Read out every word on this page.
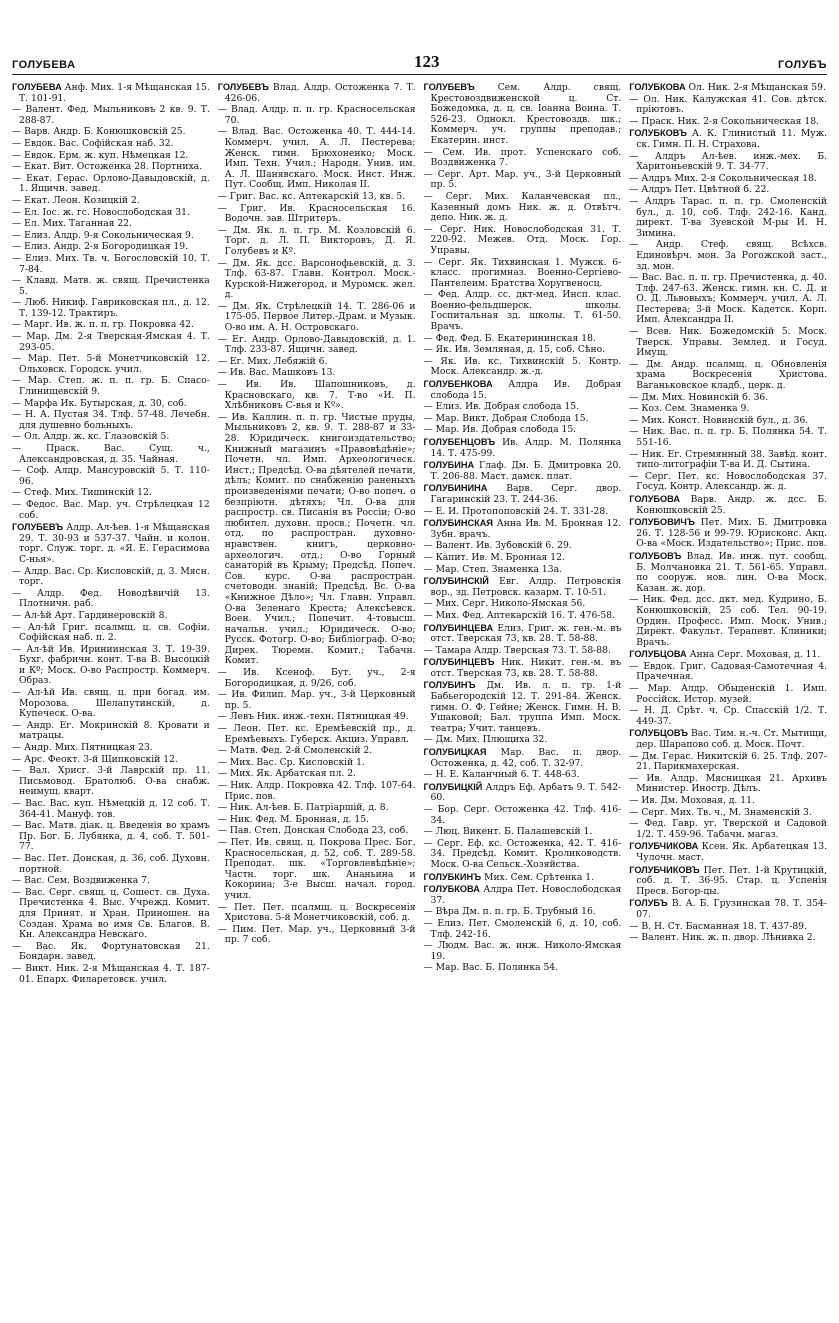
ГОЛУБЕВА	123	ГОЛУБЪ
ГОЛУБЕВА Анф. Мих. 1-я Мѣщанская 15. Т. 101-91.
— Валент. Фед. Мыльниковъ 2 кв. 9. Т. 288-87.
— Варв. Андр. Б. Конюшковскій 25.
— Евдок. Вас. Софійская наб. 32.
— Евдок. Ерм. ж. куп. Нѣмецкая 12.
— Екат. Вит. Остоженка 28. Портниха.
— Екат. Герас. Орлово-Давыдовскій, д. 1. Ящичн. завед.
— Екат. Леон. Козицкій 2.
— Ел. Іос. ж. гс. Новослободская 31.
— Ел. Мих. Таганная 22.
— Елиз. Алдр. 9-я Сокольническая 9.
— Елиз. Андр. 2-я Богородицкая 19.
— Елиз. Мих. Тв. ч. Богословскій 10. Т. 7-84.
— Клавд. Матв. ж. свящ. Пречистенка 5.
— Люб. Никиф. Гавриковская пл., д. 12. Т. 139-12. Трактиръ.
— Марг. Ив. ж. п. п. гр. Покровка 42.
— Мар. Дм. 2-я Тверская-Ямская 4. Т. 293-05.
— Мар. Пет. 5-й Монетчиковскій 12. Ольховск. Городск. учил.
— Мар. Степ. ж. п. п. гр. Б. Спасо-Глинищевскій 9.
— Марфа Ик. Бутырская, д. 30, соб.
— Н. А. Пустая 34. Тлф. 57-48. Лечебн. для душевно больныхъ.
— Ол. Алдр. ж. кс. Глазовскій 5.
— Праск. Вас. Сущ. ч., Александровская, д. 35. Чайная.
— Соф. Алдр. Мансуровскій 5. Т. 110-96.
— Стеф. Мих. Тишинскій 12.
— Федос. Вас. Мар. уч. Стрѣлецкая 12 соб.
ГОЛУБЕВЪ Алдр. Ал-ѣев. 1-я Мѣщанская 29. Т. 30-93 и 537-37. Чайн. и колон. торг. Служ. торг. д. «Я. Е. Герасимова С-нья».
— Алдр. Вас. Ср. Кисловскій, д. 3. Мясн. торг.
— Алдр. Фед. Новодѣвичій 13. Плотничн. раб.
— Ал-ѣй Арт. Гардинеровскій 8.
— Ал-ѣй Григ. псалмщ. ц. св. Софіи. Софійская наб. п. 2.
— Ал-ѣй Ив. Ириниинская 3. Т. 19-39. Бухг. фабричн. конт. Т-ва В. Высоцкій и Кº; Моск. О-во Распростр. Коммерч. Образ.
— Ал-ѣй Ив. свящ. ц. при богад. им. Морозова. Шелапутинскій, д. Купеческ. О-ва.
— Андр. Ег. Мокринскій 8. Кровати и матрацы.
— Андр. Мих. Пятницкая 23.
— Арс. Феокт. 3-й Щипковскій 12.
— Вал. Хрисг. 3-й Лаврскій пр. 11. Письмовод. Братолюб. О-ва снабж. неимущ. кварт.
— Вас. Вас. куп. Нѣмецкій д. 12 соб. Т. 364-41. Мануф. тов.
— Вас. Матв. діак. ц. Введенія во храмъ Пр. Бог. Б. Лубянка, д. 4, соб. Т. 501-77.
— Вас. Пет. Донская, д. 36, соб. Духовн. портной.
— Вас. Сем. Воздвиженка 7.
— Вас. Серг. свящ. ц. Сошест. св. Духа. Пречистенка 4. Выс. Учрежд. Комит. для Принят. и Хран. Приношен. на Создан. Храма во имя Св. Благов. В. Кн. Александра Невскаго.
— Вас. Як. Фортунатовская 21. Бондарн. завед.
— Викт. Ник. 2-я Мѣщанская 4. Т. 187-01. Епарх. Филаретовск. учил.
ГОЛУБЕВЪ Влад. Алдр. Остоженка 7. Т. 426-06.
— Влад. Алдр. п. п. гр. Красносельская 70.
— Влад. Вас. Остоженка 40. Т. 444-14. Коммерч. учил. А. Л. Пестерева; Женск. гимн. Брюхоненко; Моск. Имп. Техн. Учил.; Народн. Унив. им. А. Л. Шанявскаго. Моск. Инст. Инж. Пут. Сообщ. Имп. Николая II.
— Григ. Вас. кс. Аптекарскій 13, кв. 5.
— Григ. Ив. Красносельская 16. Водочн. зав. Штритеръ.
— Дм. Як. л. п. гр. М. Козловскій 6. Торг. д. Л. П. Викторовъ, Д. Я. Голубевъ и Кº.
— Дм. Як. дсс. Варсонофьевскій, д. 3. Тлф. 63-87. Главн. Контрол. Моск.-Курской-Нижегород. и Муромск. жел. д.
— Дм. Як. Стрѣлецкій 14. Т. 286-06 и 175-05. Первое Литер.-Драм. и Музык. О-во им. А. Н. Островскаго.
— Ег. Андр. Орлово-Давыдовскій, д. 1. Тлф. 233-87. Ящичн. завед.
— Ег. Мих. Лебяжій 6.
— Ив. Вас. Машковъ 13.
— Ив. Ив. Шапошниковъ, д. Красновскаго, кв. 7. Т-во «И. П. Хлѣбниковъ С-вья и Кº».
— Ив. Каллин. п. п. гр. Чистые пруды, Мыльниковъ 2, кв. 9. Т. 288-87 и 33-28. Юридическ. книгоиздательство; Книжный магазинъ «Правовѣдѣніе»; Почетн. чл. Имп. Археологическ. Инст.; Предсѣд. О-ва дѣятелей печати, дѣлъ; Комит. по снабженію раненыхъ произведеніями печати; О-во попеч. о безпріютн. дѣтяхъ; Чл. О-ва для распростр. св. Писанія въ Россіи; О-во любител. духовн. просв.; Почетн. чл. отд. по распростран. духовно-нравствен. книгъ, церковно-археологич. отд.; О-во Горный санаторій въ Крыму; Предсѣд. Попеч. Сов. курс. О-ва распростран. счетоводн. знаній; Предсѣд. Вс. О-ва «Книжное Дѣло»; Чл. Главн. Управл. О-ва Зеленаго Креста; Алексѣевск. Воен. Учил.; Попечит. 4-товысш. начальн. учил.; Юридическ. О-во; Русск. Фотогр. О-во; Библіограф. О-во; Дирек. Тюремн. Комит.; Табачн. Комит.
— Ив. Ксеноф. Бут. уч., 2-я Богородицкая, д. 9/26, соб.
— Ив. Филип. Мар. уч., 3-й Церковный пр. 5.
— Левъ Ник. инж.-техн. Пятницкая 49.
— Леон. Пет. кс. Еремѣевскій пр., д. Еремѣевыхъ. Губерск. Акциз. Управл.
— Матв. Фед. 2-й Смоленскій 2.
— Мих. Вас. Ср. Кисловскій 1.
— Мих. Як. Арбатская пл. 2.
— Ник. Алдр. Покровка 42. Тлф. 107-64. Прис. пов.
— Ник. Ал-ѣев. Б. Патріаршій, д. 8.
— Ник. Фед. М. Бронная, д. 15.
— Пав. Степ. Донская Слобода 23, соб.
— Пет. Ив. свящ. ц. Покрова Прес. Бог. Красносельская, д. 52, соб. Т. 289-58. Преподат. шк. «Торговлевѣдѣніе»; Частн. торг. шк. Ананьина и Кокорина; 3-е Высш. начал. город. учил.
— Пет. Пет. псалмщ. ц. Воскресенія Христова. 5-й Монетчиковскій, соб. д.
— Пим. Пет. Мар. уч., Церковный 3-й пр. 7 соб.
ГОЛУБЕВЪ	Сем. Алдр. свящ. Крестовоздвиженской ц. Ст. Божедомка, д. ц. св. Іоанна Воина. Т. 526-23. Однокл. Крестовоздв. шк.; Коммерч. уч. группы преподав.; Екатерин. инст.
— Сем. Ив. прот. Успенскаго соб. Воздвиженка 7.
— Серг. Арт. Мар. уч., 3-й Церковный пр. 5.
— Серг. Мих. Каланчевская пл., Казенный домъ Ник. ж. д. Отвѣтч. депо. Ник. ж. д.
— Серг. Ник. Новослободская 31. Т. 220-92. Межев. Отд. Моск. Гор. Управы.
— Серг. Як. Тихвинская 1. Мужск. 6-класс. прогимназ. Военно-Сергіево-Пантелеим. Братства Хоругвеносц.
— Фед. Алдр. сс. дкт-мед. Инсп. клас. Военно-фельдшерск. школы. Госпитальная зд. школы. Т. 61-50. Врачъ.
— Фед. Фед. Б. Екатерининская 18.
— Як. Ив. Земляная, д. 15, соб. Сѣно.
— Як. Ив. кс. Тихвинскій 5. Контр. Моск. Александр. ж.-д.
ГОЛУБЕНКОВА Алдра Ив. Добрая слобода 15.
— Елиз. Ив. Добрая слобода 15.
— Мар. Викт. Добрая Слобода 15.
— Мар. Ив. Добрая слобода 15.
ГОЛУБЕНЦОВЪ Ив. Алдр. М. Полянка 14. Т. 475-99.
ГОЛУБИНА Глаф. Дм. Б. Дмитровка 20. Т. 206-88. Маст. дамск. плат.
ГОЛУБИНИНА Варв. Серг. двор. Гагаринскій 23. Т. 244-36.
— Е. И. Протопоповскій 24. Т. 331-28.
ГОЛУБИНСКАЯ Анна Ив. М. Бронная 12. Зубн. врачъ.
— Валент. Ив. Зубовскій 6. 29.
— Капит. Ив. М. Бронная 12.
— Мар. Степ. Знаменка 13а.
ГОЛУБИНСКІЙ Евг. Алдр. Петровскія вор., зд. Петровск. казарм. Т. 10-51.
— Мих. Серг. Николо-Ямская 56.
— Мих. Фед. Аптекарскій 16. Т. 476-58.
ГОЛУБИНЦЕВА Елиз. Григ. ж. ген.-м. въ отст. Тверская 73, кв. 28. Т. 58-88.
— Тамара Алдр. Тверская 73. Т. 58-88.
ГОЛУБИНЦЕВЪ Ник. Никит. ген.-м. въ отст. Тверская 73, кв. 28. Т. 58-88.
ГОЛУБИНЪ Дм. Ив. л. п. гр. 1-й Бабьегородскій 12. Т. 291-84. Женск. гимн. О. Ф. Гейне; Женск. Гимн. Н. В. Ушаковой; Бал. труппа Имп. Моск. театра; Учит. танцевъ.
— Дм. Мих. Плющиха 32.
ГОЛУБИЦКАЯ Мар. Вас. п. двор. Остоженка, д. 42, соб. Т. 32-97.
— Н. Е. Каланчный 6. Т. 448-63.
ГОЛУБИЦКІЙ Алдръ Еф. Арбатъ 9. Т. 542-60.
— Бор. Серг. Остоженка 42. Тлф. 416-34.
— Люц. Викент. Б. Палашевскій 1.
— Серг. Еф. кс. Остоженка, 42. Т. 416-34. Предсѣд. Комит. Кролиководств. Моск. О-ва Сельск.-Хозяйства.
ГОЛУБКИНЪ Мих. Сем. Срѣтенка 1.
ГОЛУБКОВА Алдра Пет. Новослободская 37.
— Вѣра Дм. п. п. гр. Б. Трубный 16.
— Елиз. Пет. Смоленскій 6, д. 10, соб. Тлф. 242-16.
— Людм. Вас. ж. инж. Николо-Ямская 19.
— Мар. Вас. Б. Полянка 54.
ГОЛУБКОВА Ол. Ник. 2-я Мѣщанская 59.
— Ол. Ник. Калужская 41. Сов. дѣтск. пріютовъ.
— Праск. Ник. 2-я Сокольническая 18.
ГОЛУБКОВЪ А. К. Глинистый 11. Муж. ск. Гимн. П. Н. Страхова.
— Алдръ Ал-ѣев. инж.-мех. Б. Харитоньевскій 9. Т. 34-77.
— Алдръ Мих. 2-я Сокольническая 18.
— Алдръ Пет. Цвѣтной б. 22.
— Алдръ Тарас. п. п. гр. Смоленскій бул., д. 10, соб. Тлф. 242-16. Канд. директ. Т-ва Зуевской М-ры И. Н. Зимина.
— Андр. Стеф. свящ. Всѣхсв. Единовѣрч. мон. За Рогожской заст., зд. мон.
— Вас. Вас. п. п. гр. Пречистенка, д. 40. Тлф. 247-63. Женск. гимн. кн. С. Д. и О. Д. Львовыхъ; Коммерч. учил. А. Л. Пестерева; 3-й Моск. Кадетск. Корп. Имп. Александра II.
— Всев. Ник. Божедомскій 5. Моск. Тверск. Управы. Землед. и Госуд. Имущ.
— Дм. Андр. псалмщ. ц. Обновленія храма Воскресенія Христова. Ваганьковское кладб., церк. д.
— Дм. Мих. Новинскій б. 36.
— Коз. Сем. Знаменка 9.
— Мих. Конст. Новинскій бул., д. 36.
— Ник. Вас. п. п. гр. Б. Полянка 54. Т. 551-16.
— Ник. Ег. Стремянный 38. Завѣд. конт. типо-литографіи Т-ва И. Д. Сытина.
— Серг. Пет. кс. Новослободская 37. Госуд. Контр. Александр. ж. д.
ГОЛУБОВА Варв. Андр. ж. дсс. Б. Конюшковскій 25.
ГОЛУБОВИЧЪ Пет. Мих. Б. Дмитровка 26. Т. 128-56 и 99-79. Юрисконс. Акц. О-ва «Моск. Издательство»; Прис. пов.
ГОЛУБОВЪ Влад. Ив. инж. пут. сообщ. Б. Молчановка 21. Т. 561-65. Управл. по сооруж. нов. лин. О-ва Моск. Казан. ж. дор.
— Ник. Фед. дсс. дкт. мед. Кудрино, Б. Конюшковскій, 25 соб. Тел. 90-19. Ордин. Професс. Имп. Моск. Унив.; Директ. Факульт. Терапевт. Клиники; Врачъ.
ГОЛУБЦОВА Анна Серг. Моховая, д. 11.
— Евдок. Григ. Садовая-Самотечная 4. Прачечная.
— Мар. Алдр. Обыденскій 1. Имп. Россійск. Истор. музей.
— Н. Д. Срѣт. ч. Ср. Спасскій 1/2. Т. 449-37.
ГОЛУБЦОВЪ Вас. Тим. н.-ч. Ст. Мытищи, дер. Шарапово соб. д. Моск. Почт.
— Дм. Герас. Никитскій 6. 25. Тлф. 207-21. Парикмахерская.
— Ив. Алдр. Мясницкая 21. Архивъ Министер. Иностр. Дѣлъ.
— Ив. Дм. Моховая, д. 11.
— Серг. Мих. Тв. ч., М. Знаменскій 3.
— Фед. Гавр. уг. Тверской и Садовой 1/2. Т. 459-96. Табачн. магаз.
ГОЛУБЧИКОВА Ксен. Як. Арбатецкая 13. Чулочн. маст.
ГОЛУБЧИКОВЪ Пет. Пет. 1-й Крутицкій, соб. д. Т. 36-95. Стар. ц. Успенія Пресв. Богор-цы.
ГОЛУБЪ В. А. Б. Грузинская 78. Т. 354-07.
— В. Н. Ст. Басманная 18. Т. 437-89.
— Валент. Ник. ж. п. двор. Лѣнивка 2.
